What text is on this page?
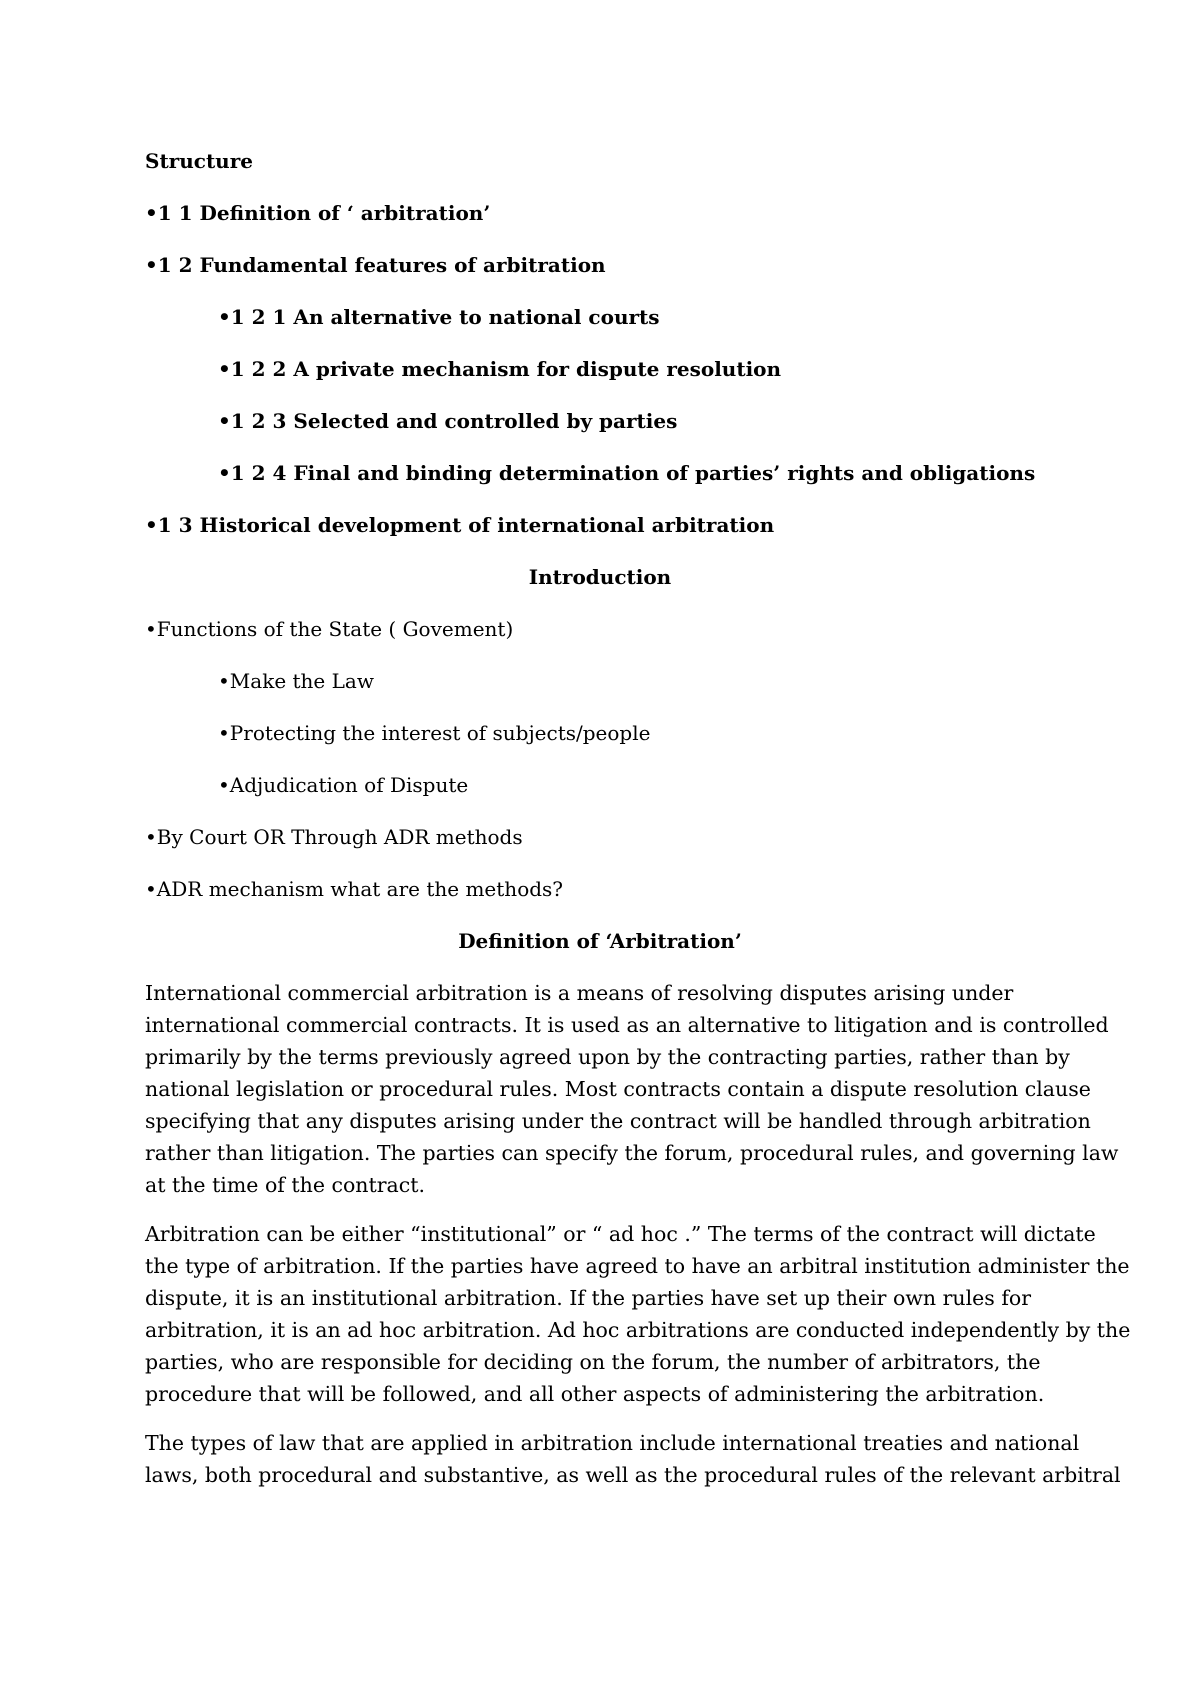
Structure

•1 1 Definition of ‘ arbitration’

•1 2 Fundamental features of arbitration

•1 2 1 An alternative to national courts

•1 2 2 A private mechanism for dispute resolution

•1 2 3 Selected and controlled by parties

•1 2 4 Final and binding determination of parties’ rights and obligations

•1 3 Historical development of international arbitration

Introduction

•Functions of the State ( Govement)

•Make the Law

•Protecting the interest of subjects/people

•Adjudication of Dispute

•By Court OR Through ADR methods

•ADR mechanism what are the methods?

Definition of ‘Arbitration’

International commercial arbitration is a means of resolving disputes arising under
international commercial contracts. It is used as an alternative to litigation and is controlled
primarily by the terms previously agreed upon by the contracting parties, rather than by
national legislation or procedural rules. Most contracts contain a dispute resolution clause
specifying that any disputes arising under the contract will be handled through arbitration
rather than litigation. The parties can specify the forum, procedural rules, and governing law
at the time of the contract.
Arbitration can be either “institutional” or “ ad hoc .” The terms of the contract will dictate
the type of arbitration. If the parties have agreed to have an arbitral institution administer the
dispute, it is an institutional arbitration. If the parties have set up their own rules for
arbitration, it is an ad hoc arbitration. Ad hoc arbitrations are conducted independently by the
parties, who are responsible for deciding on the forum, the number of arbitrators, the
procedure that will be followed, and all other aspects of administering the arbitration.
The types of law that are applied in arbitration include international treaties and national
laws, both procedural and substantive, as well as the procedural rules of the relevant arbitral
